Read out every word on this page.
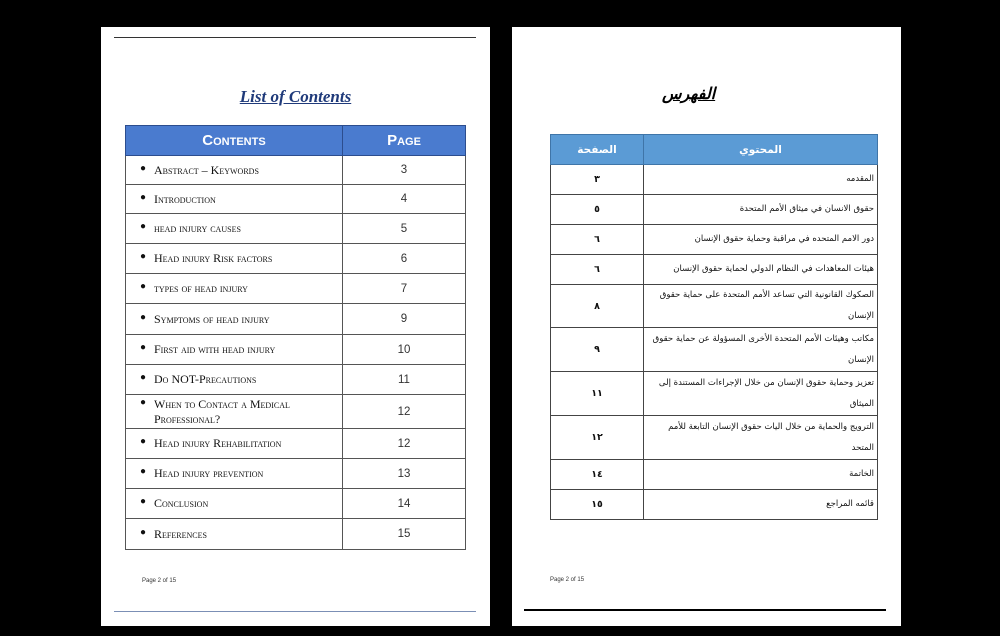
List of Contents
Contents	Page
● Abstract – Keywords	3
● Introduction	4
● head injury causes	5
● Head injury Risk factors	6
● types of head injury	7
● Symptoms of head injury	9
● First aid with head injury	10
● Do NOT-Precautions	11
● When to Contact a Medical Professional?	12
● Head injury Rehabilitation	12
● Head injury prevention	13
● Conclusion	14
● References	15
Page 2 of 15
الفهرس
المحتوي	الصفحة
المقدمه	٣
حقوق الانسان في ميثاق الأمم المتحدة	٥
دور الامم المتحده في مراقبة وحماية حقوق الإنسان	٦
هيئات المعاهدات في النظام الدولي لحماية حقوق الإنسان	٦
الصكوك القانونية التي تساعد الأمم المتحدة على حماية حقوق الإنسان	٨
مكاتب وهيئات الأمم المتحدة الأخرى المسؤولة عن حماية حقوق الإنسان	٩
تعزيز وحماية حقوق الإنسان من خلال الإجراءات المستندة إلى الميثاق	١١
الترويج والحماية من خلال اليات حقوق الإنسان التابعة للأمم المتحد	١٢
الخاتمة	١٤
قائمه المراجع	١٥
Page 2 of 15
